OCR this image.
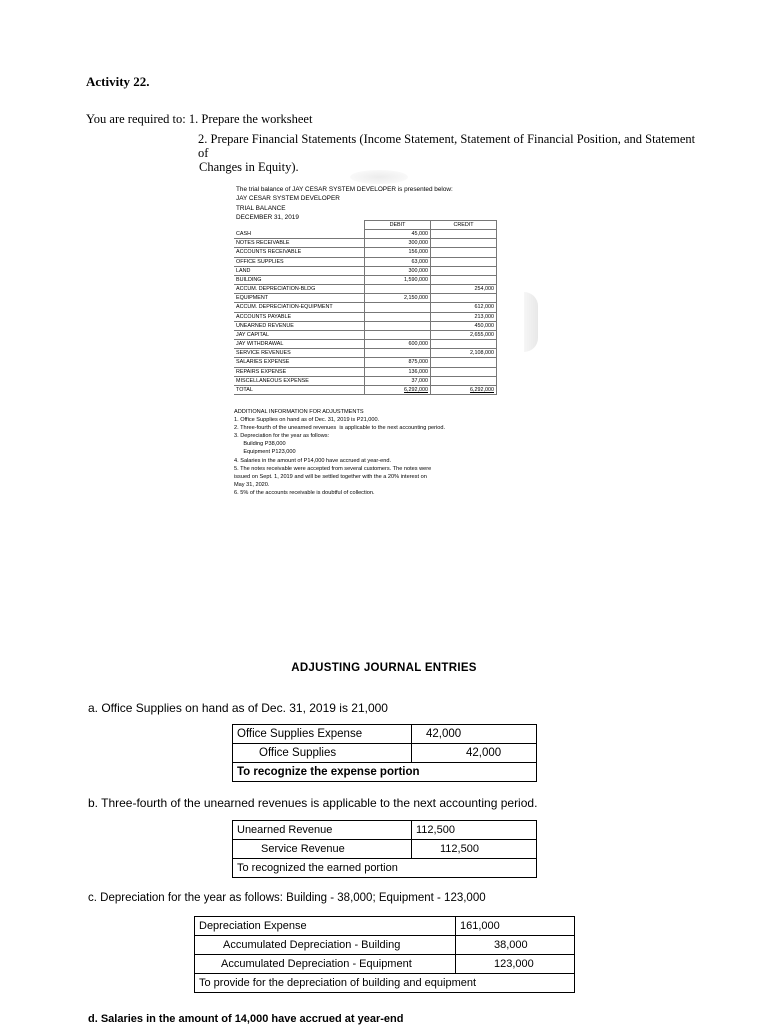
Activity 22.
You are required to: 1. Prepare the worksheet
2. Prepare Financial Statements (Income Statement, Statement of Financial Position, and Statement of
Changes in Equity).
The trial balance of JAY CESAR SYSTEM DEVELOPER is presented below:
JAY CESAR SYSTEM DEVELOPER
TRIAL BALANCE
DECEMBER 31, 2019
	DEBIT	CREDIT
CASH	45,000	
NOTES RECEIVABLE	300,000	
ACCOUNTS RECEIVABLE	156,000	
OFFICE SUPPLIES	63,000	
LAND	300,000	
BUILDING	1,590,000	
ACCUM. DEPRECIATION-BLDG		254,000
EQUIPMENT	2,150,000	
ACCUM. DEPRECIATION-EQUIPMENT		612,000
ACCOUNTS PAYABLE		213,000
UNEARNED REVENUE		450,000
JAY CAPITAL		2,655,000
JAY WITHDRAWAL	600,000	
SERVICE REVENUES		2,108,000
SALARIES EXPENSE	875,000	
REPAIRS EXPENSE	136,000	
MISCELLANEOUS EXPENSE	37,000	
TOTAL	6,292,000	6,292,000
ADDITIONAL INFORMATION FOR ADJUSTMENTS
1. Office Supplies on hand as of Dec. 31, 2019 is P21,000.
2. Three-fourth of the unearned revenues  is applicable to the next accounting period.
3. Depreciation for the year as follows:
Building P38,000
Equipment P123,000
4. Salaries in the amount of P14,000 have accrued at year-end.
5. The notes receivable were accepted from several customers. The notes were
issued on Sept. 1, 2019 and will be settled together with the a 20% interest on
May 31, 2020.
6. 5% of the accounts receivable is doubtful of collection.
ADJUSTING JOURNAL ENTRIES
a. Office Supplies on hand as of Dec. 31, 2019 is 21,000
Office Supplies Expense	42,000
Office Supplies	42,000
To recognize the expense portion	
b. Three-fourth of the unearned revenues is applicable to the next accounting period.
Unearned Revenue	112,500
Service Revenue	112,500
To recognized the earned portion	
c. Depreciation for the year as follows: Building - 38,000; Equipment - 123,000
Depreciation Expense	161,000
Accumulated Depreciation - Building	38,000
Accumulated Depreciation - Equipment	123,000
To provide for the depreciation of building and equipment	
d. Salaries in the amount of 14,000 have accrued at year-end
